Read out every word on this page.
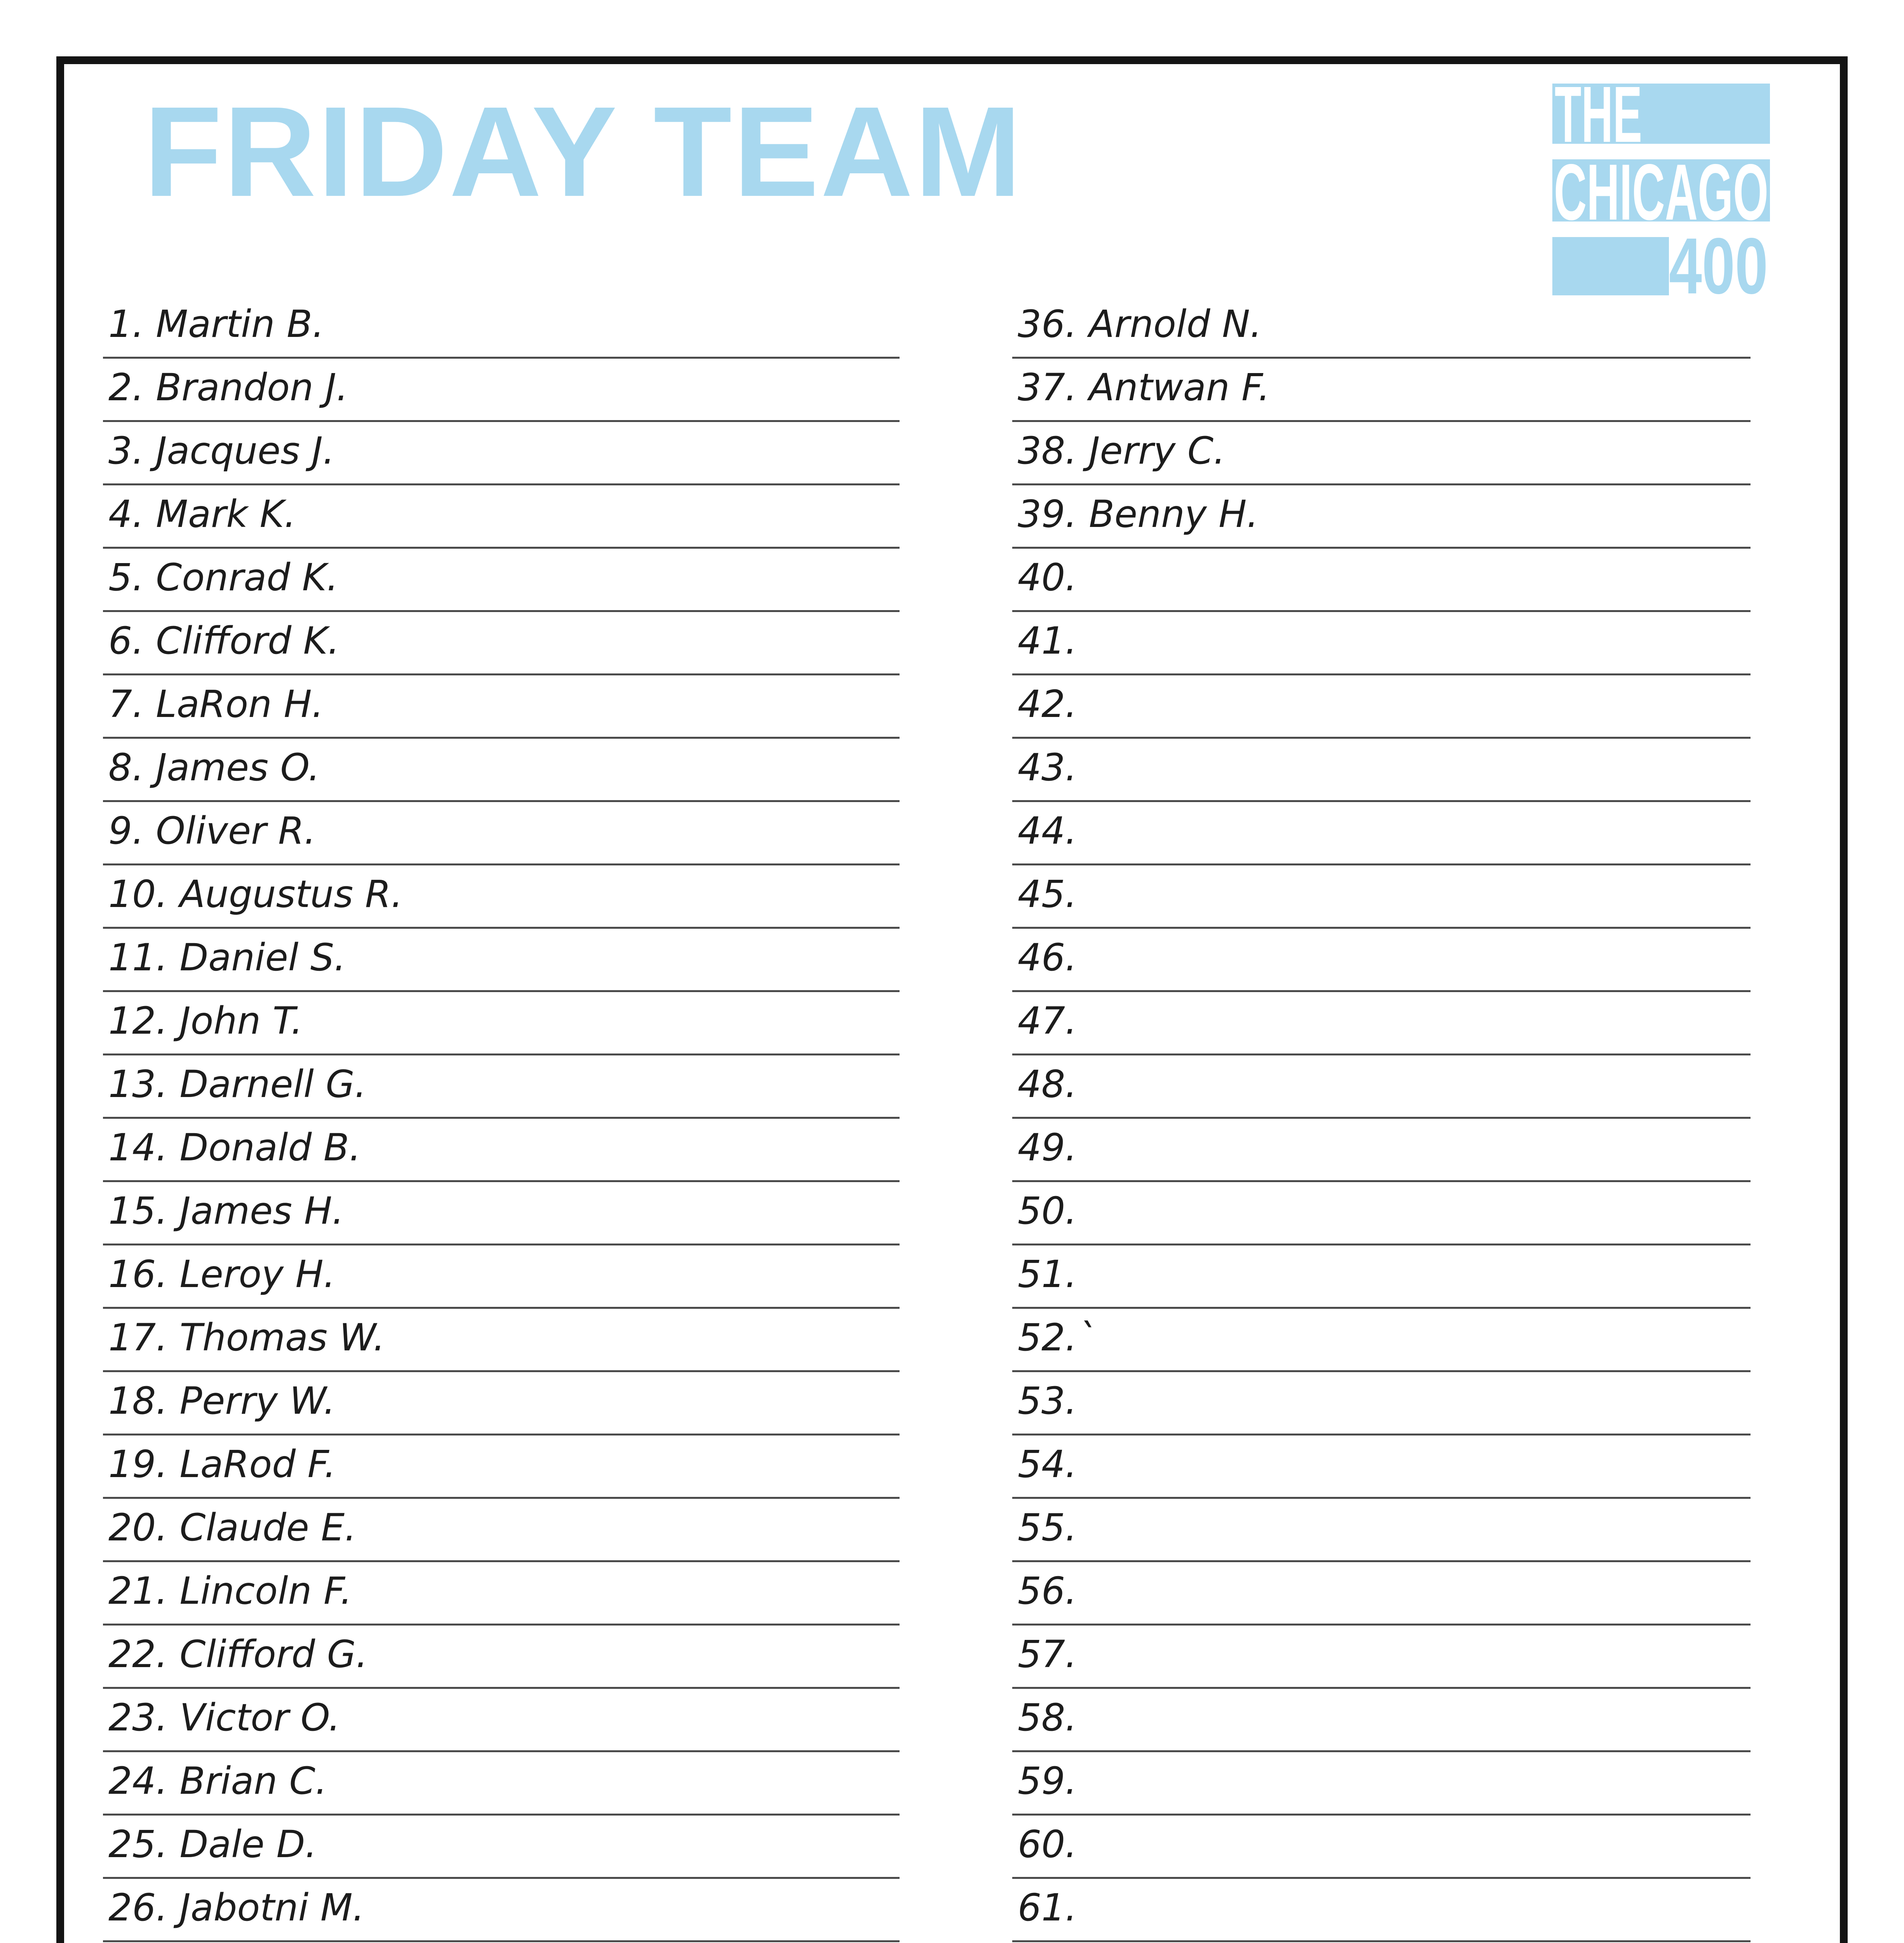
FRIDAY TEAM	THE
CHICAGO
400
1. Martin B.
2. Brandon J.
3. Jacques J.
4. Mark K.
5. Conrad K.
6. Clifford K.
7. LaRon H.
8. James O.
9. Oliver R.
10. Augustus R.
11. Daniel S.
12. John T.
13. Darnell G.
14. Donald B.
15. James H.
16. Leroy H.
17. Thomas W.
18. Perry W.
19. LaRod F.
20. Claude E.
21. Lincoln F.
22. Clifford G.
23. Victor O.
24. Brian C.
25. Dale D.
26. Jabotni M.
36. Arnold N.
37. Antwan F.
38. Jerry C.
39. Benny H.
40.
41.
42.
43.
44.
45.
46.
47.
48.
49.
50.
51.
52.`
53.
54.
55.
56.
57.
58.
59.
60.
61.
